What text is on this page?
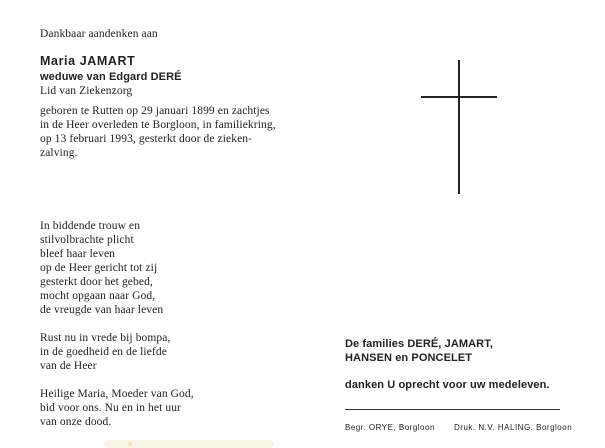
Dankbaar aandenken aan
Maria JAMART
weduwe van Edgard DERÉ
Lid van Ziekenzorg
geboren te Rutten op 29 januari 1899 en zachtjes
in de Heer overleden te Borgloon, in familiekring,
op 13 februari 1993, gesterkt door de zieken-
zalving.
In biddende trouw en
stilvolbrachte plicht
bleef haar leven
op de Heer gericht tot zij
gesterkt door het gebed,
mocht opgaan naar God,
de vreugde van haar leven
Rust nu in vrede bij bompa,
in de goedheid en de liefde
van de Heer
Heilige Maria, Moeder van God,
bid voor ons. Nu en in het uur
van onze dood.
De families DERÉ, JAMART,
HANSEN en PONCELET
danken U oprecht voor uw medeleven.
Begr. ORYE, Borgloon Druk. N.V. HALING. Borgloon
